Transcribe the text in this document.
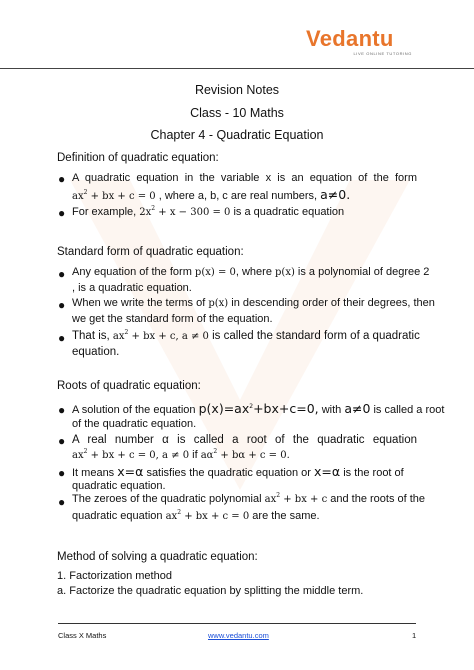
Vedantu
LIVE ONLINE TUTORING
Revision Notes
Class - 10 Maths
Chapter 4 - Quadratic Equation
Definition of quadratic equation:
● A quadratic equation in the variable x is an equation of the form
$ax^2$ + bx + c = 0 , where a, b, c are real numbers, a≠0.
● For example, $2x^2 + x - 300 = 0$ is a quadratic equation
Standard form of quadratic equation:
● Any equation of the form p(x) = 0, where p(x) is a polynomial of degree 2
, is a quadratic equation.
● When we write the terms of p(x) in descending order of their degrees, then
we get the standard form of the equation.
● That is, $ax^2$ + bx + c, a ≠ 0 is called the standard form of a quadratic
equation.
Roots of quadratic equation:
● A solution of the equation $p(x)=ax^2+bx+c=0$, with a≠0 is called a root
of the quadratic equation.
● A real number α is called a root of the quadratic equation
$ax^2$ + bx + c = 0, a ≠ 0 if $a\alpha^2 + b\alpha + c = 0$.
● It means x=α satisfies the quadratic equation or x=α is the root of
quadratic equation.
● The zeroes of the quadratic polynomial $ax^2$ + bx + c and the roots of the
quadratic equation $ax^2$ + bx + c = 0 are the same.
Method of solving a quadratic equation:
1. Factorization method
a. Factorize the quadratic equation by splitting the middle term.
Class X Maths	www.vedantu.com	1
